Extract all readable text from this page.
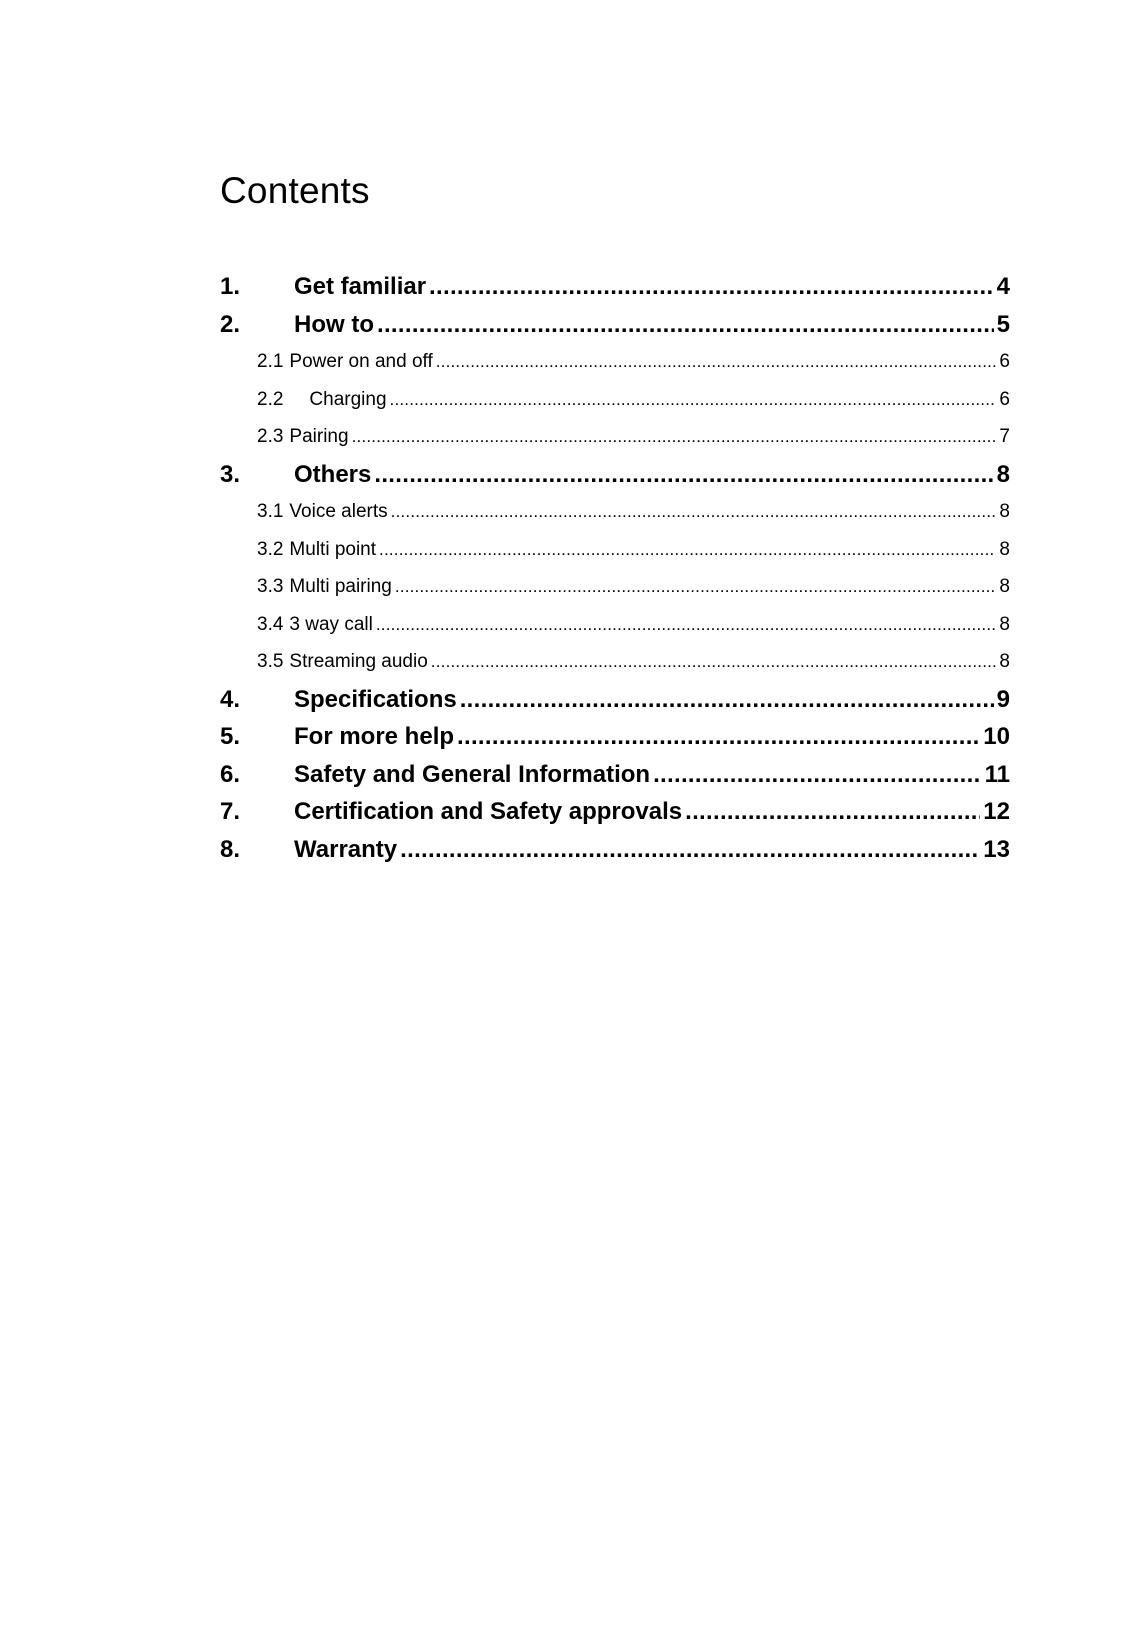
Contents
1.	Get familiar .....	4
2.	How to .....	5
2.1 Power on and off .....	6
2.2	Charging .....	6
2.3 Pairing .....	7
3.	Others .....	8
3.1 Voice alerts .....	8
3.2 Multi point .....	8
3.3 Multi pairing .....	8
3.4 3 way call .....	8
3.5 Streaming audio .....	8
4.	Specifications .....	9
5.	For more help .....	10
6.	Safety and General Information .....	11
7.	Certification and Safety approvals .....	12
8.	Warranty .....	13
